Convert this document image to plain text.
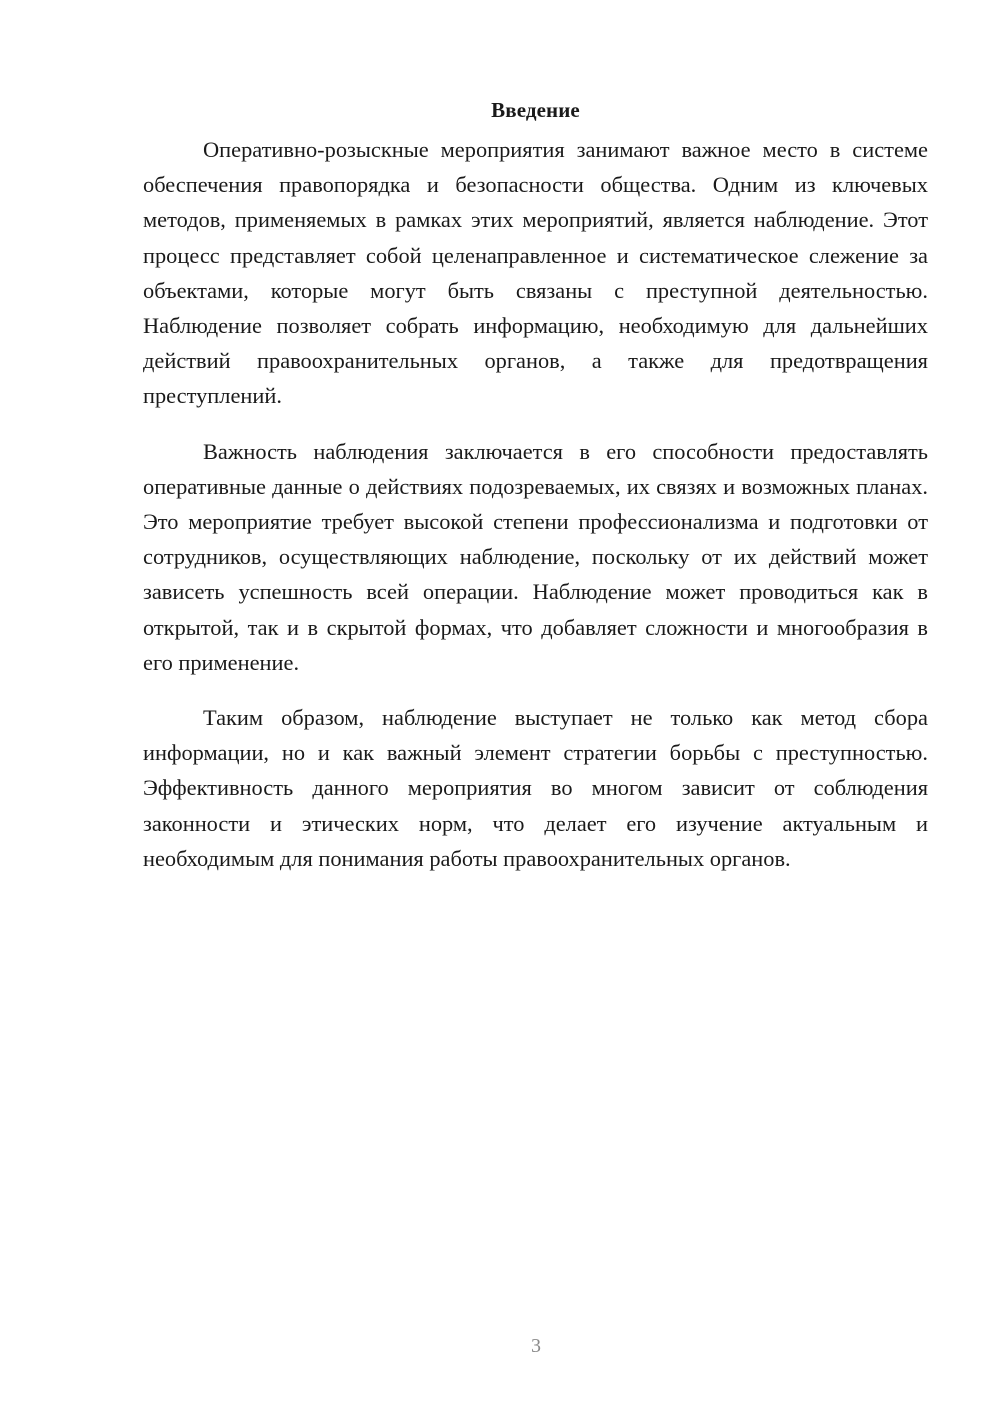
Введение

Оперативно-розыскные мероприятия занимают важное место в системе обеспечения правопорядка и безопасности общества. Одним из ключевых методов, применяемых в рамках этих мероприятий, является наблюдение. Этот процесс представляет собой целенаправленное и систематическое слежение за объектами, которые могут быть связаны с преступной деятельностью. Наблюдение позволяет собрать информацию, необходимую для дальнейших действий правоохранительных органов, а также для предотвращения преступлений.

Важность наблюдения заключается в его способности предоставлять оперативные данные о действиях подозреваемых, их связях и возможных планах. Это мероприятие требует высокой степени профессионализма и подготовки от сотрудников, осуществляющих наблюдение, поскольку от их действий может зависеть успешность всей операции. Наблюдение может проводиться как в открытой, так и в скрытой формах, что добавляет сложности и многообразия в его применение.

Таким образом, наблюдение выступает не только как метод сбора информации, но и как важный элемент стратегии борьбы с преступностью. Эффективность данного мероприятия во многом зависит от соблюдения законности и этических норм, что делает его изучение актуальным и необходимым для понимания работы правоохранительных органов.

3
